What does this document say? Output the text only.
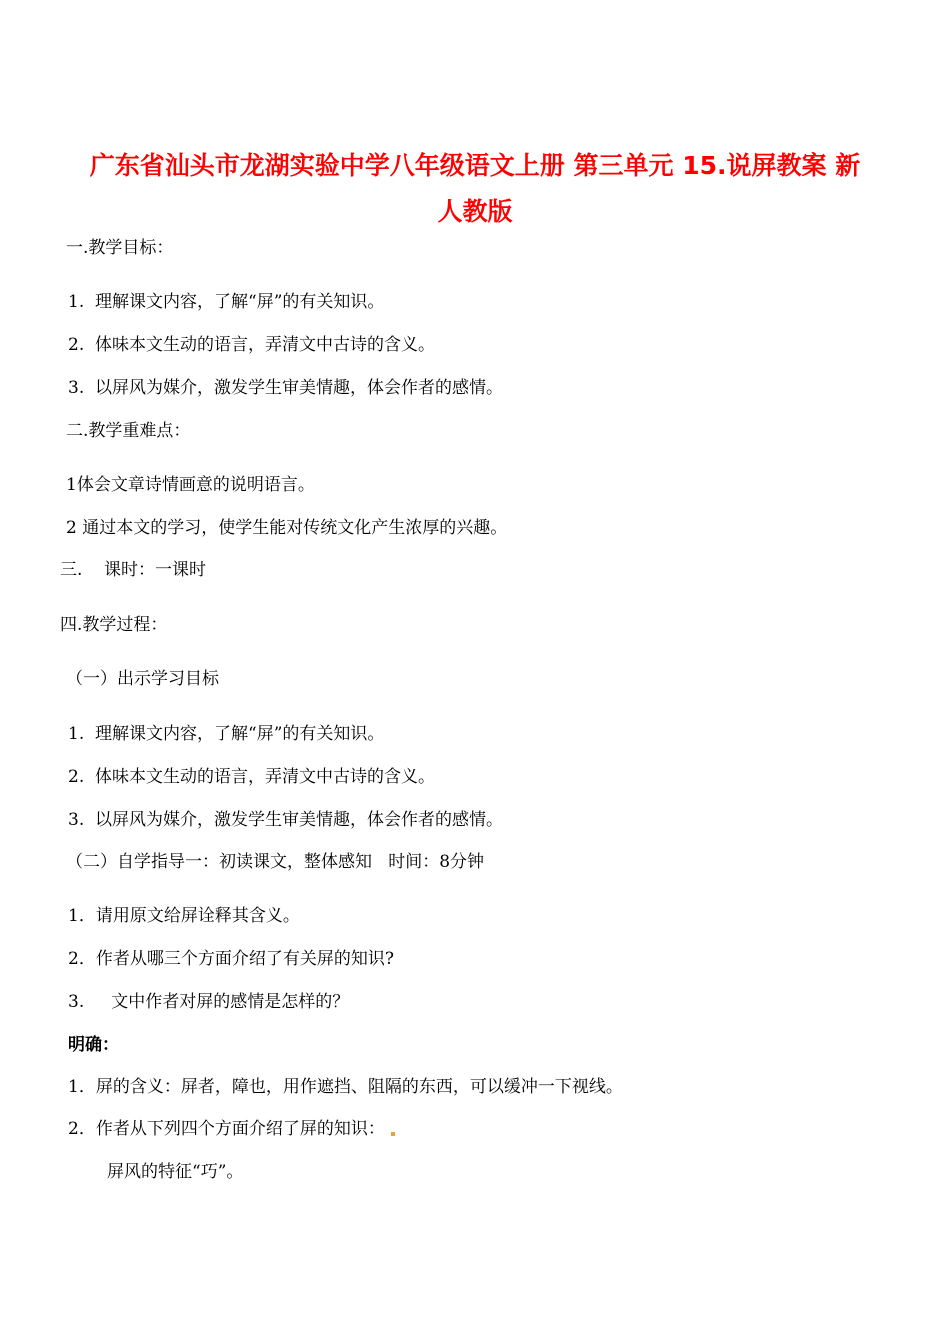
广东省汕头市龙湖实验中学八年级语文上册 第三单元 15.说屏教案 新
人教版
一.教学目标：
1.  理解课文内容，了解“屏”的有关知识。
2.  体味本文生动的语言，弄清文中古诗的含义。
3.  以屏风为媒介，激发学生审美情趣，体会作者的感情。
二.教学重难点：
1体会文章诗情画意的说明语言。
2 通过本文的学习，使学生能对传统文化产生浓厚的兴趣。
三.    课时：一课时
四.教学过程：
（一）出示学习目标
1.  理解课文内容，了解“屏”的有关知识。
2.  体味本文生动的语言，弄清文中古诗的含义。
3.  以屏风为媒介，激发学生审美情趣，体会作者的感情。
（二）自学指导一：初读课文，整体感知   时间：8分钟
1．请用原文给屏诠释其含义。
2．作者从哪三个方面介绍了有关屏的知识?
3.     文中作者对屏的感情是怎样的？
明确：
1．屏的含义：屏者，障也，用作遮挡、阻隔的东西，可以缓冲一下视线。
2．作者从下列四个方面介绍了屏的知识：
屏风的特征“巧”。
